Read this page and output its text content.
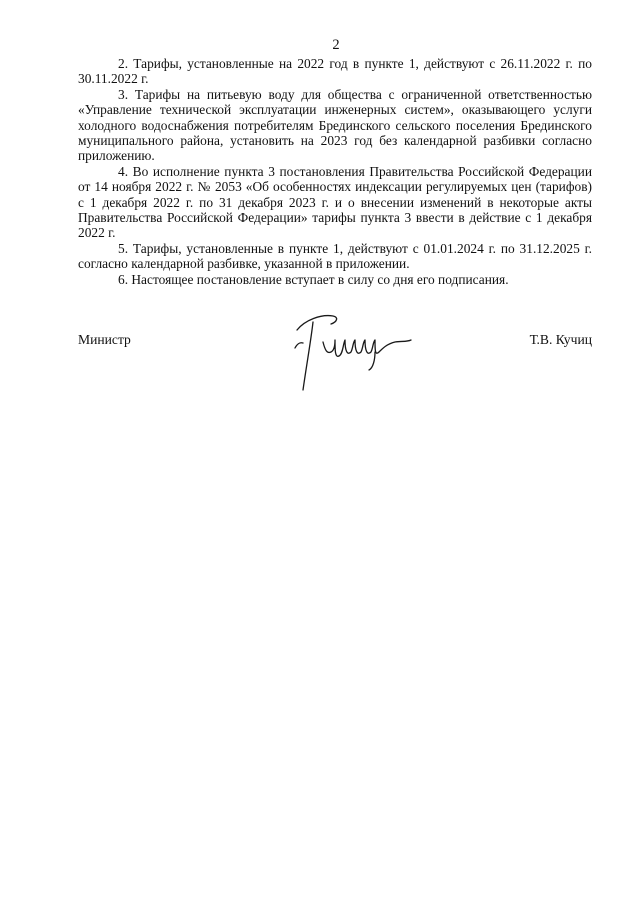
2

2. Тарифы, установленные на 2022 год в пункте 1, действуют с 26.11.2022 г. по 30.11.2022 г.

3. Тарифы на питьевую воду для общества с ограниченной ответственностью «Управление технической эксплуатации инженерных систем», оказывающего услуги холодного водоснабжения потребителям Брединского сельского поселения Брединского муниципального района, установить на 2023 год без календарной разбивки согласно приложению.

4. Во исполнение пункта 3 постановления Правительства Российской Федерации от 14 ноября 2022 г. № 2053 «Об особенностях индексации регулируемых цен (тарифов) с 1 декабря 2022 г. по 31 декабря 2023 г. и о внесении изменений в некоторые акты Правительства Российской Федерации» тарифы пункта 3 ввести в действие с 1 декабря 2022 г.

5. Тарифы, установленные в пункте 1, действуют с 01.01.2024 г. по 31.12.2025 г. согласно календарной разбивке, указанной в приложении.

6. Настоящее постановление вступает в силу со дня его подписания.

Министр	Т.В. Кучиц
